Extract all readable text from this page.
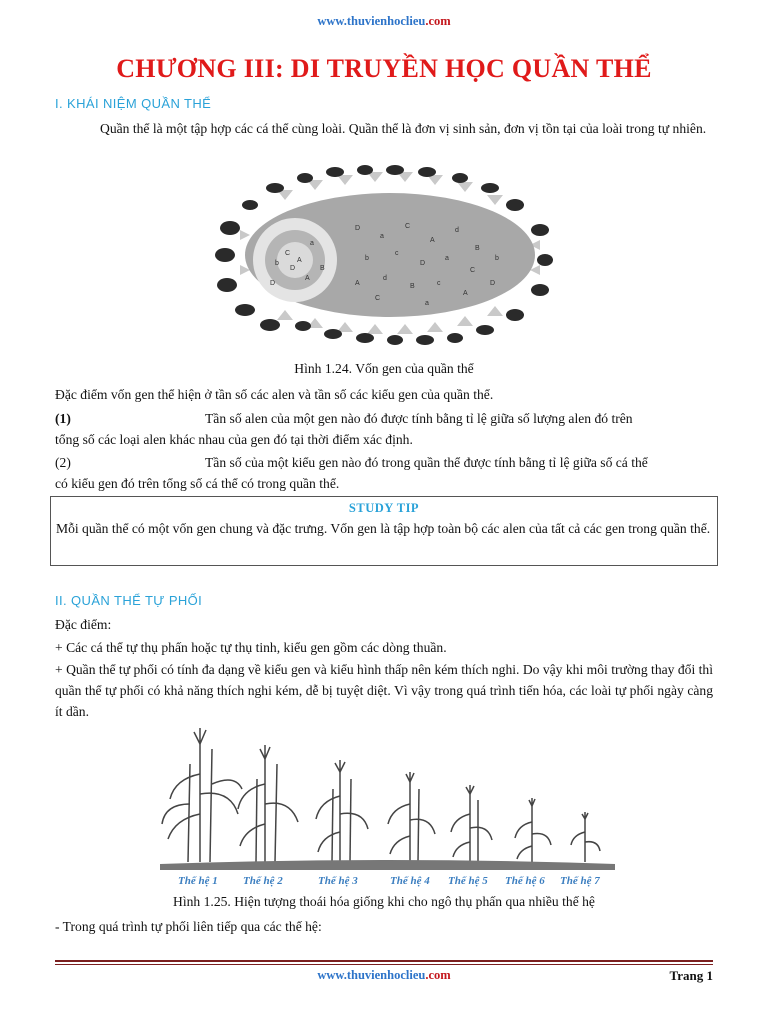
www.thuvienhoclieu.com
CHƯƠNG III: DI TRUYỀN HỌC QUẦN THỂ
I. KHÁI NIỆM QUẦN THỂ
Quần thể là một tập hợp các cá thể cùng loài. Quần thể là đơn vị sinh sản, đơn vị tồn tại của loài trong tự nhiên.
D
a
C
A
d
B
b
c
D
a
C
b
A
d
B	c
A
D
C
a
C
A
D
b
A
a
D
B
Hình 1.24. Vốn gen của quần thể
Đặc điểm vốn gen thể hiện ở tần số các alen và tần số các kiểu gen của quần thể.
(1)	Tần số alen của một gen nào đó được tính bằng tỉ lệ giữa số lượng alen đó trên
tổng số các loại alen khác nhau của gen đó tại thời điểm xác định.
(2)	Tần số của một kiểu gen nào đó trong quần thể được tính bằng tỉ lệ giữa số cá thể
có kiểu gen đó trên tổng số cá thể có trong quần thể.
STUDY TIP
Mỗi quần thể có một vốn gen chung và đặc trưng. Vốn gen là tập hợp toàn bộ các alen của tất cả các gen trong quần thể.
II. QUẦN THỂ TỰ PHỐI
Đặc điểm:
+ Các cá thể tự thụ phấn hoặc tự thụ tinh, kiểu gen gồm các dòng thuần.
+ Quần thể tự phối có tính đa dạng về kiểu gen và kiểu hình thấp nên kém thích nghi. Do vậy khi môi trường thay đổi thì quần thể tự phối có khả năng thích nghi kém, dễ bị tuyệt diệt. Vì vậy trong quá trình tiến hóa, các loài tự phối ngày càng ít dần.
Thế hệ 1 Thế hệ 2	Thế hệ 3	Thế hệ 4 Thế hệ 5 Thế hệ 6 Thế hệ 7
Hình 1.25. Hiện tượng thoái hóa giống khi cho ngô thụ phấn qua nhiều thế hệ
- Trong quá trình tự phối liên tiếp qua các thế hệ:
www.thuvienhoclieu.com	Trang 1
